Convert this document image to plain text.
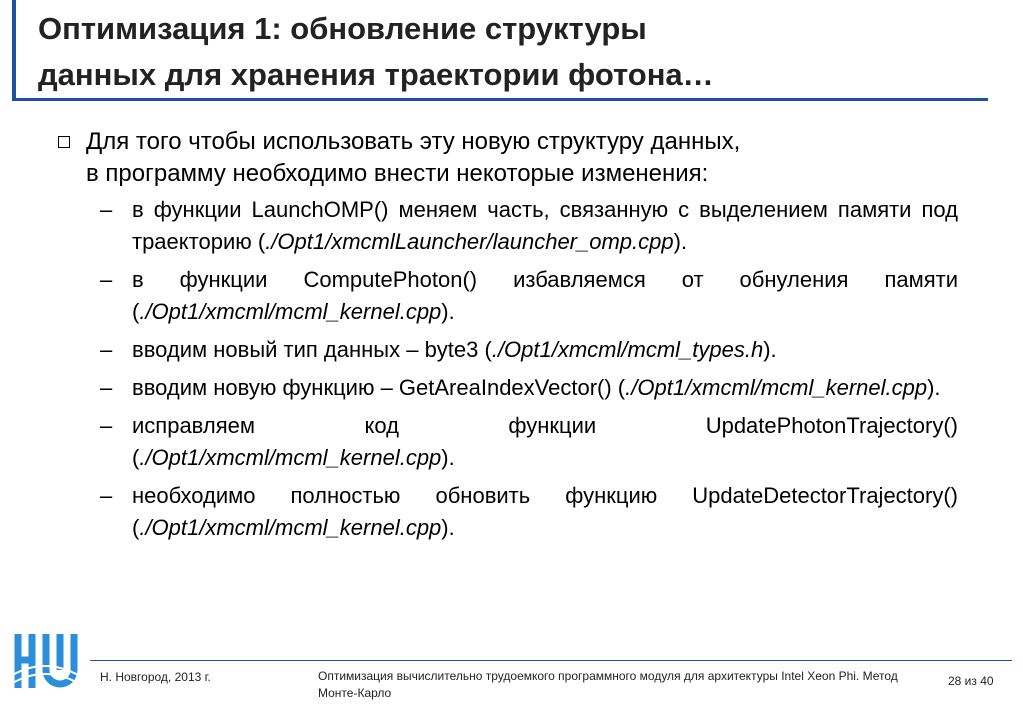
Оптимизация 1: обновление структуры
данных для хранения траектории фотона…
Для того чтобы использовать эту новую структуру данных,
в программу необходимо внести некоторые изменения:
– в функции LaunchOMP() меняем часть, связанную с выделением памяти под траекторию (./Opt1/xmcmlLauncher/launcher_omp.cpp).
– в функции ComputePhoton() избавляемся от обнуления памяти (./Opt1/xmcml/mcml_kernel.cpp).
– вводим новый тип данных – byte3 (./Opt1/xmcml/mcml_types.h).
– вводим новую функцию – GetAreaIndexVector() (./Opt1/xmcml/mcml_kernel.cpp).
– исправляем код функции UpdatePhotonTrajectory() (./Opt1/xmcml/mcml_kernel.cpp).
– необходимо полностью обновить функцию UpdateDetectorTrajectory() (./Opt1/xmcml/mcml_kernel.cpp).
Н. Новгород, 2013 г.	Оптимизация вычислительно трудоемкого программного модуля для архитектуры Intel Xeon Phi. Метод Монте-Карло
28 из 40
